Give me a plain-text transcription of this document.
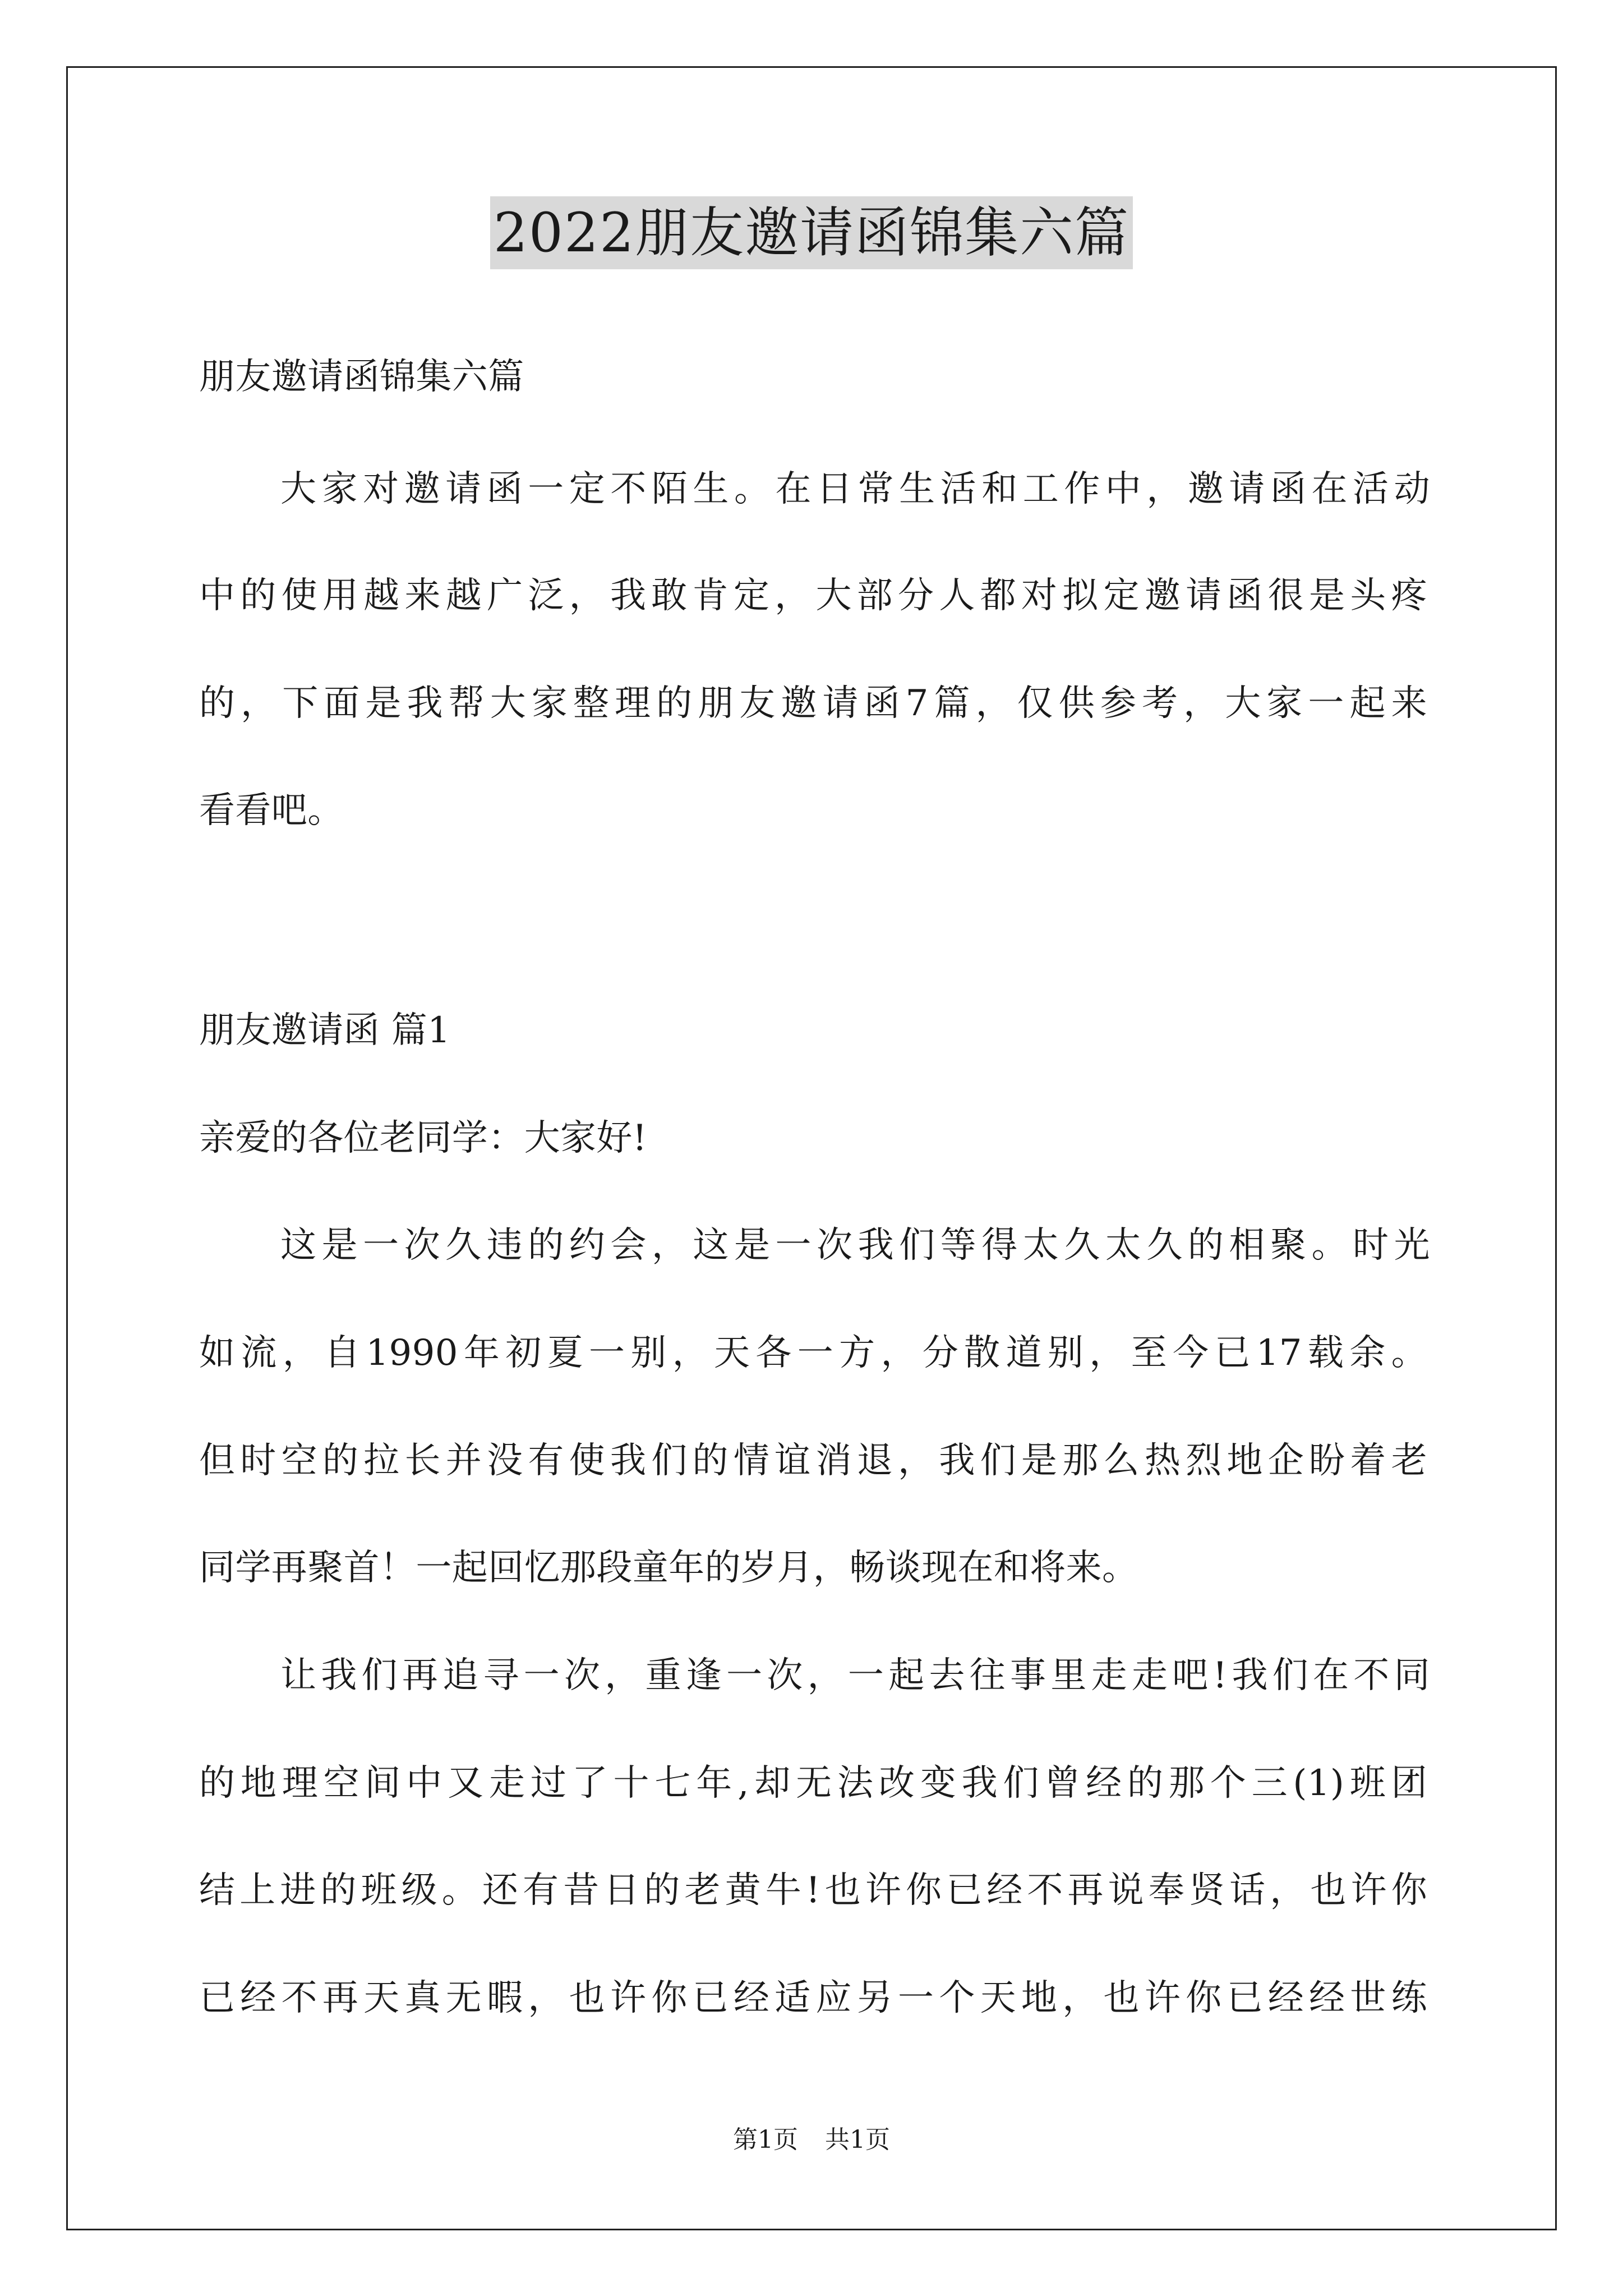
2022朋友邀请函锦集六篇
朋友邀请函锦集六篇
大家对邀请函一定不陌生。在日常生活和工作中，邀请函在活动
中的使用越来越广泛，我敢肯定，大部分人都对拟定邀请函很是头疼
的，下面是我帮大家整理的朋友邀请函7篇，仅供参考，大家一起来
看看吧。
朋友邀请函 篇1
亲爱的各位老同学：大家好!
这是一次久违的约会，这是一次我们等得太久太久的相聚。时光
如流，自1990年初夏一别，天各一方，分散道别，至今已17载余。
但时空的拉长并没有使我们的情谊消退，我们是那么热烈地企盼着老
同学再聚首！一起回忆那段童年的岁月，畅谈现在和将来。
让我们再追寻一次，重逢一次，一起去往事里走走吧!我们在不同
的地理空间中又走过了十七年,却无法改变我们曾经的那个三(1)班团
结上进的班级。还有昔日的老黄牛!也许你已经不再说奉贤话，也许你
已经不再天真无暇，也许你已经适应另一个天地，也许你已经经世练
第1页 共1页
